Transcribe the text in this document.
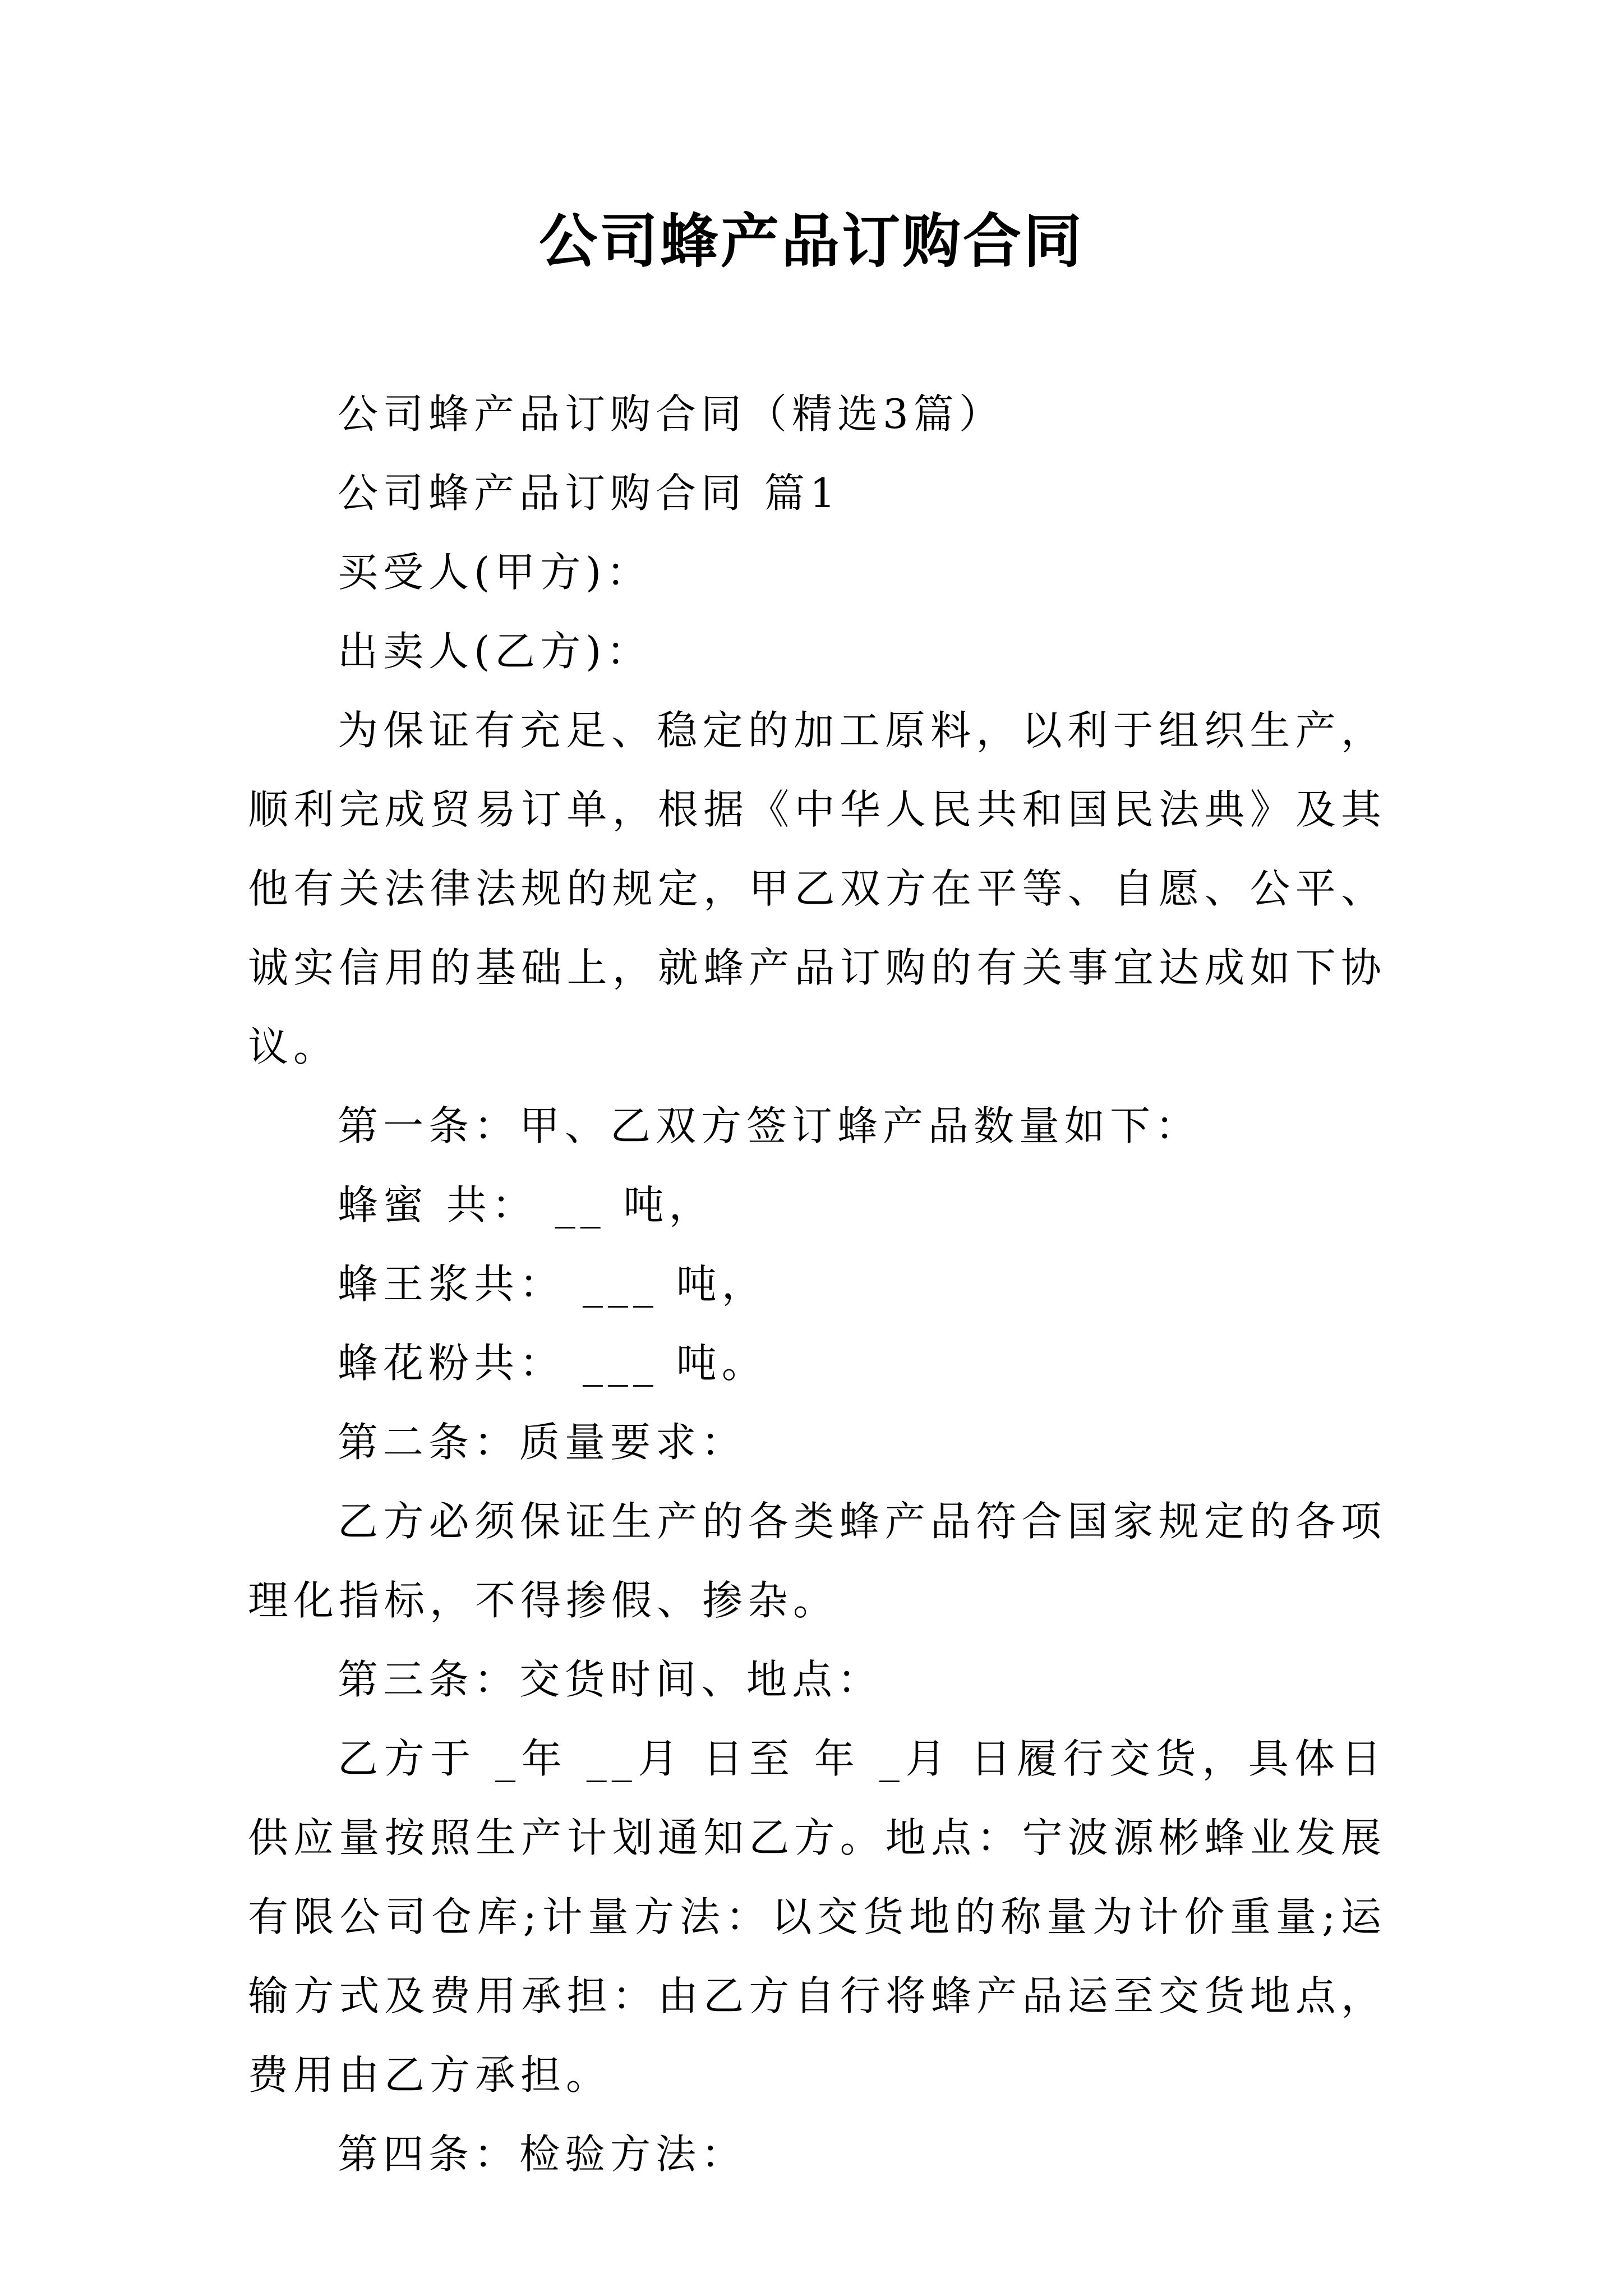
公司蜂产品订购合同

公司蜂产品订购合同（精选3篇）

公司蜂产品订购合同 篇1

买受人(甲方)：

出卖人(乙方)：

为保证有充足、稳定的加工原料，以利于组织生产，顺利完成贸易订单，根据《中华人民共和国民法典》及其他有关法律法规的规定，甲乙双方在平等、自愿、公平、诚实信用的基础上，就蜂产品订购的有关事宜达成如下协议。

第一条：甲、乙双方签订蜂产品数量如下：

蜂蜜 共： __ 吨，

蜂王浆共： ___ 吨，

蜂花粉共： ___ 吨。

第二条：质量要求：

乙方必须保证生产的各类蜂产品符合国家规定的各项理化指标，不得掺假、掺杂。

第三条：交货时间、地点：

乙方于 _年 __月 日至 年 _月 日履行交货，具体日供应量按照生产计划通知乙方。地点：宁波源彬蜂业发展有限公司仓库;计量方法：以交货地的称量为计价重量;运输方式及费用承担：由乙方自行将蜂产品运至交货地点，费用由乙方承担。

第四条：检验方法：
